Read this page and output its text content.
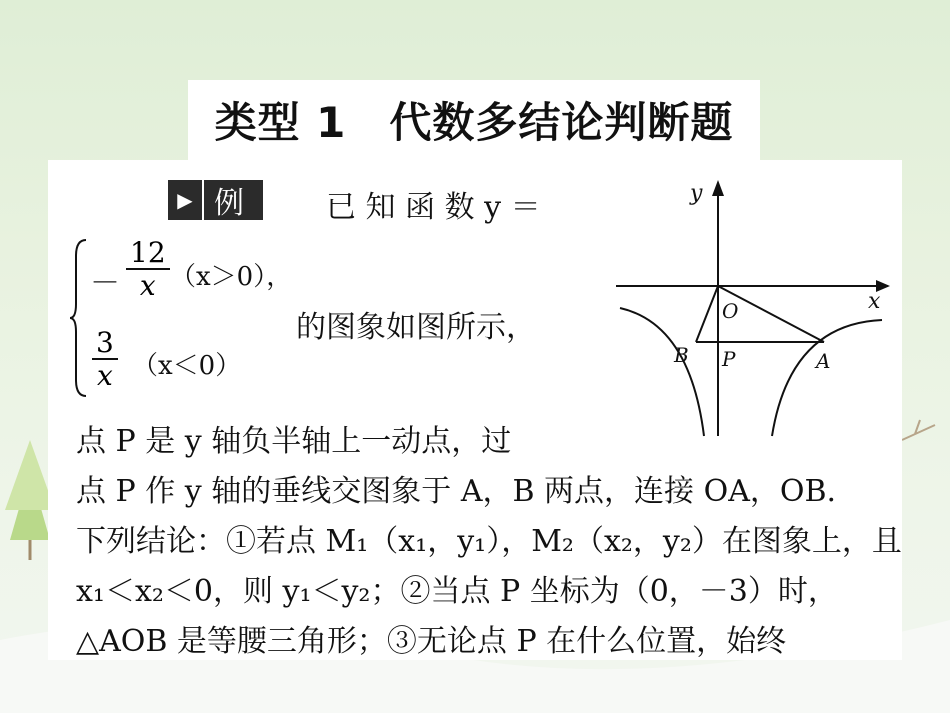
类型 1　代数多结论判断题
▶ 例	已 知 函 数 y ＝
－ $\frac{12}{x} (x>0)$，
的图象如图所示，
$\frac{3}{x} (x<0)$
点 P 是 y 轴负半轴上一动点，过
点 P 作 y 轴的垂线交图象于 A，B 两点，连接 OA，OB.
下列结论：①若点 M₁（x₁，y₁），M₂（x₂，y₂）在图象上，且
x₁＜x₂＜0，则 y₁＜y₂；②当点 P 坐标为（0，－3）时，
△AOB 是等腰三角形；③无论点 P 在什么位置，始终
y
x
O
B P	A
